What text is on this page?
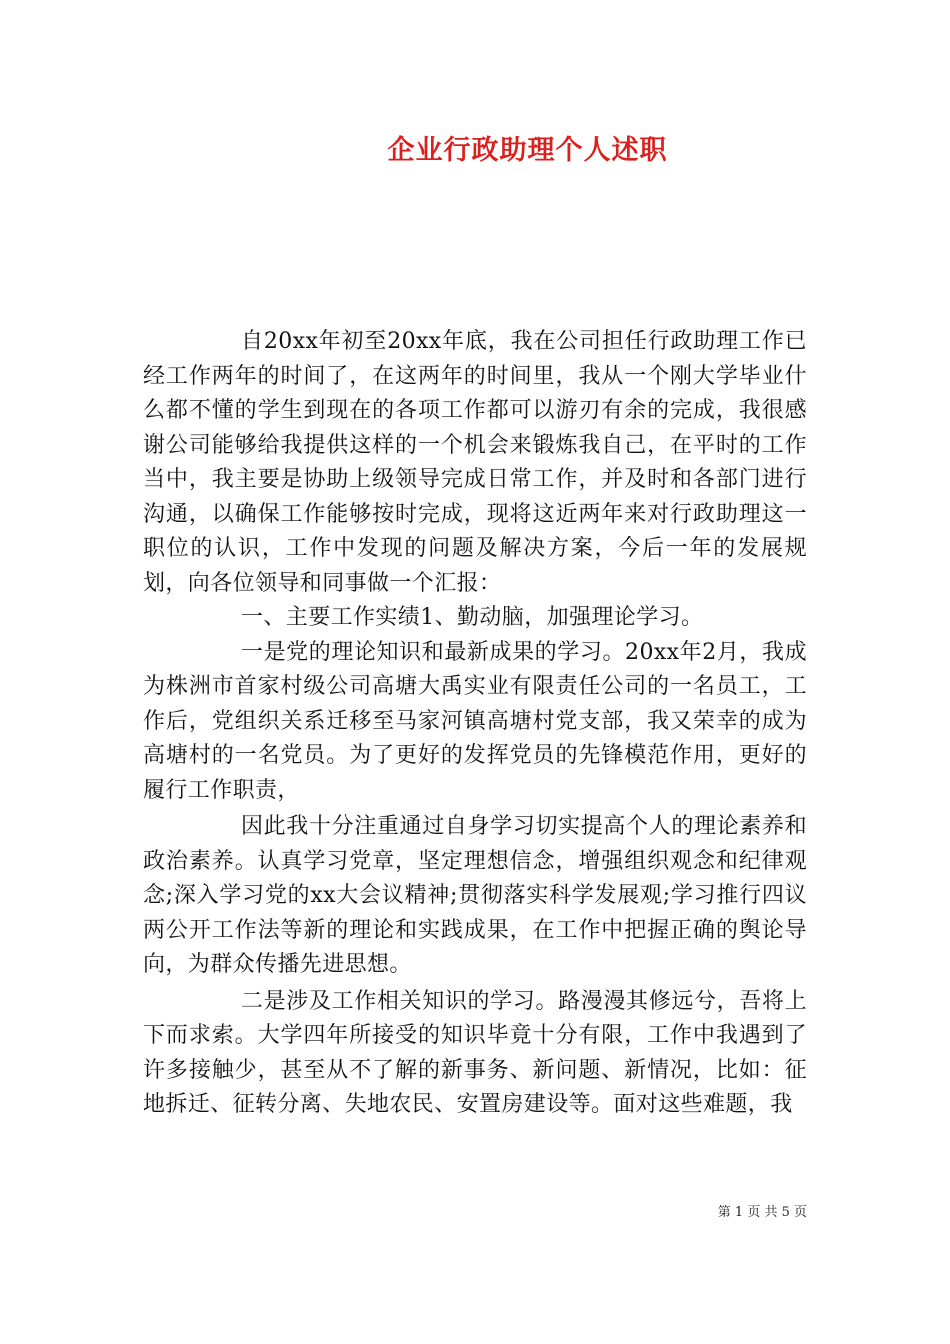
企业行政助理个人述职

自20xx年初至20xx年底，我在公司担任行政助理工作已经工作两年的时间了，在这两年的时间里，我从一个刚大学毕业什么都不懂的学生到现在的各项工作都可以游刃有余的完成，我很感谢公司能够给我提供这样的一个机会来锻炼我自己，在平时的工作当中，我主要是协助上级领导完成日常工作，并及时和各部门进行沟通，以确保工作能够按时完成，现将这近两年来对行政助理这一职位的认识，工作中发现的问题及解决方案，今后一年的发展规划，向各位领导和同事做一个汇报：

一、主要工作实绩1、勤动脑，加强理论学习。

一是党的理论知识和最新成果的学习。20xx年2月，我成为株洲市首家村级公司高塘大禹实业有限责任公司的一名员工，工作后，党组织关系迁移至马家河镇高塘村党支部，我又荣幸的成为高塘村的一名党员。为了更好的发挥党员的先锋模范作用，更好的履行工作职责，

因此我十分注重通过自身学习切实提高个人的理论素养和政治素养。认真学习党章，坚定理想信念，增强组织观念和纪律观念;深入学习党的xx大会议精神;贯彻落实科学发展观;学习推行四议两公开工作法等新的理论和实践成果，在工作中把握正确的舆论导向，为群众传播先进思想。

二是涉及工作相关知识的学习。路漫漫其修远兮，吾将上下而求索。大学四年所接受的知识毕竟十分有限，工作中我遇到了许多接触少，甚至从不了解的新事务、新问题、新情况，比如：征地拆迁、征转分离、失地农民、安置房建设等。面对这些难题，我

第 1 页 共 5 页
